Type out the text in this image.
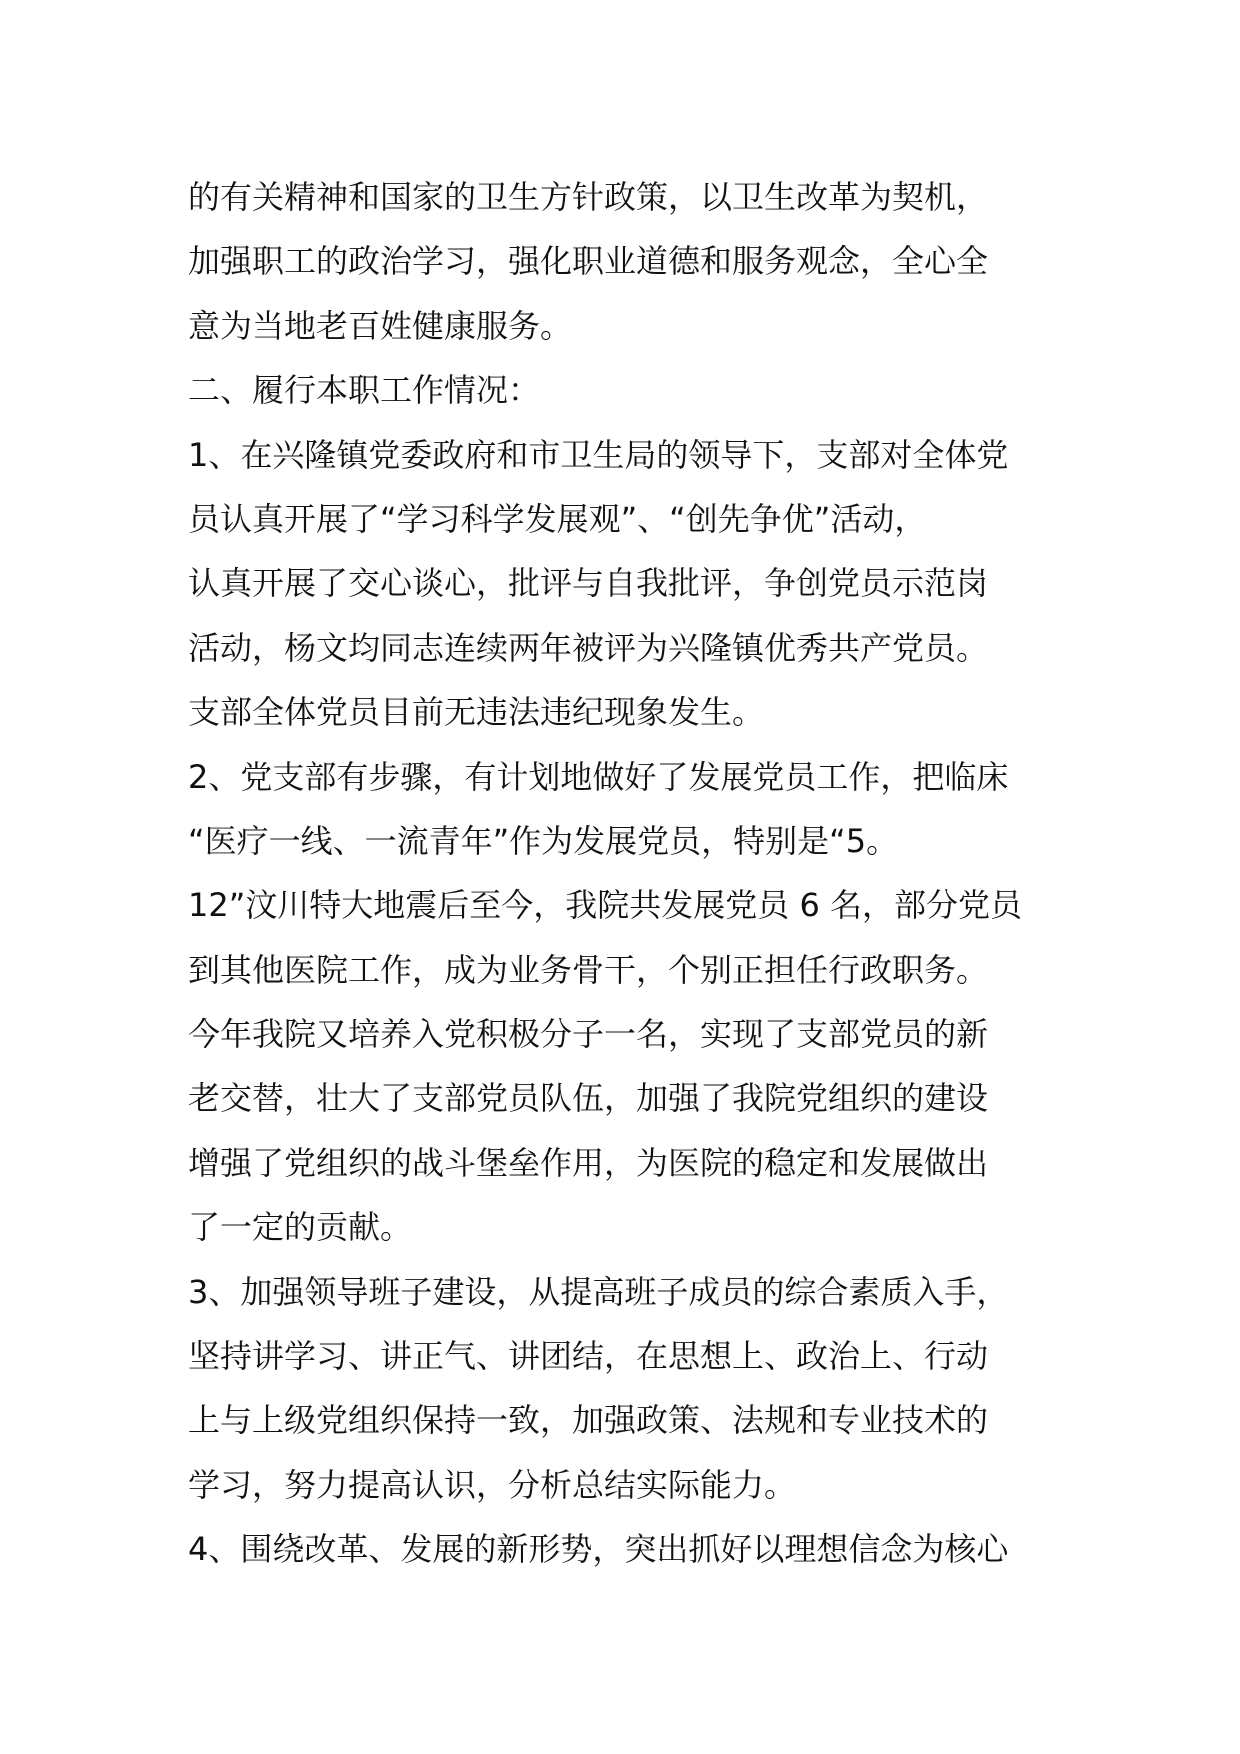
的有关精神和国家的卫生方针政策，以卫生改革为契机，
加强职工的政治学习，强化职业道德和服务观念，全心全
意为当地老百姓健康服务。
二、履行本职工作情况：
1、在兴隆镇党委政府和市卫生局的领导下，支部对全体党
员认真开展了“学习科学发展观”、“创先争优”活动，
认真开展了交心谈心，批评与自我批评，争创党员示范岗
活动，杨文均同志连续两年被评为兴隆镇优秀共产党员。
支部全体党员目前无违法违纪现象发生。
2、党支部有步骤，有计划地做好了发展党员工作，把临床
“医疗一线、一流青年”作为发展党员，特别是“5。
12”汶川特大地震后至今，我院共发展党员 6 名，部分党员
到其他医院工作，成为业务骨干，个别正担任行政职务。
今年我院又培养入党积极分子一名，实现了支部党员的新
老交替，壮大了支部党员队伍，加强了我院党组织的建设
增强了党组织的战斗堡垒作用，为医院的稳定和发展做出
了一定的贡献。
3、加强领导班子建设，从提高班子成员的综合素质入手，
坚持讲学习、讲正气、讲团结，在思想上、政治上、行动
上与上级党组织保持一致，加强政策、法规和专业技术的
学习，努力提高认识，分析总结实际能力。
4、围绕改革、发展的新形势，突出抓好以理想信念为核心
